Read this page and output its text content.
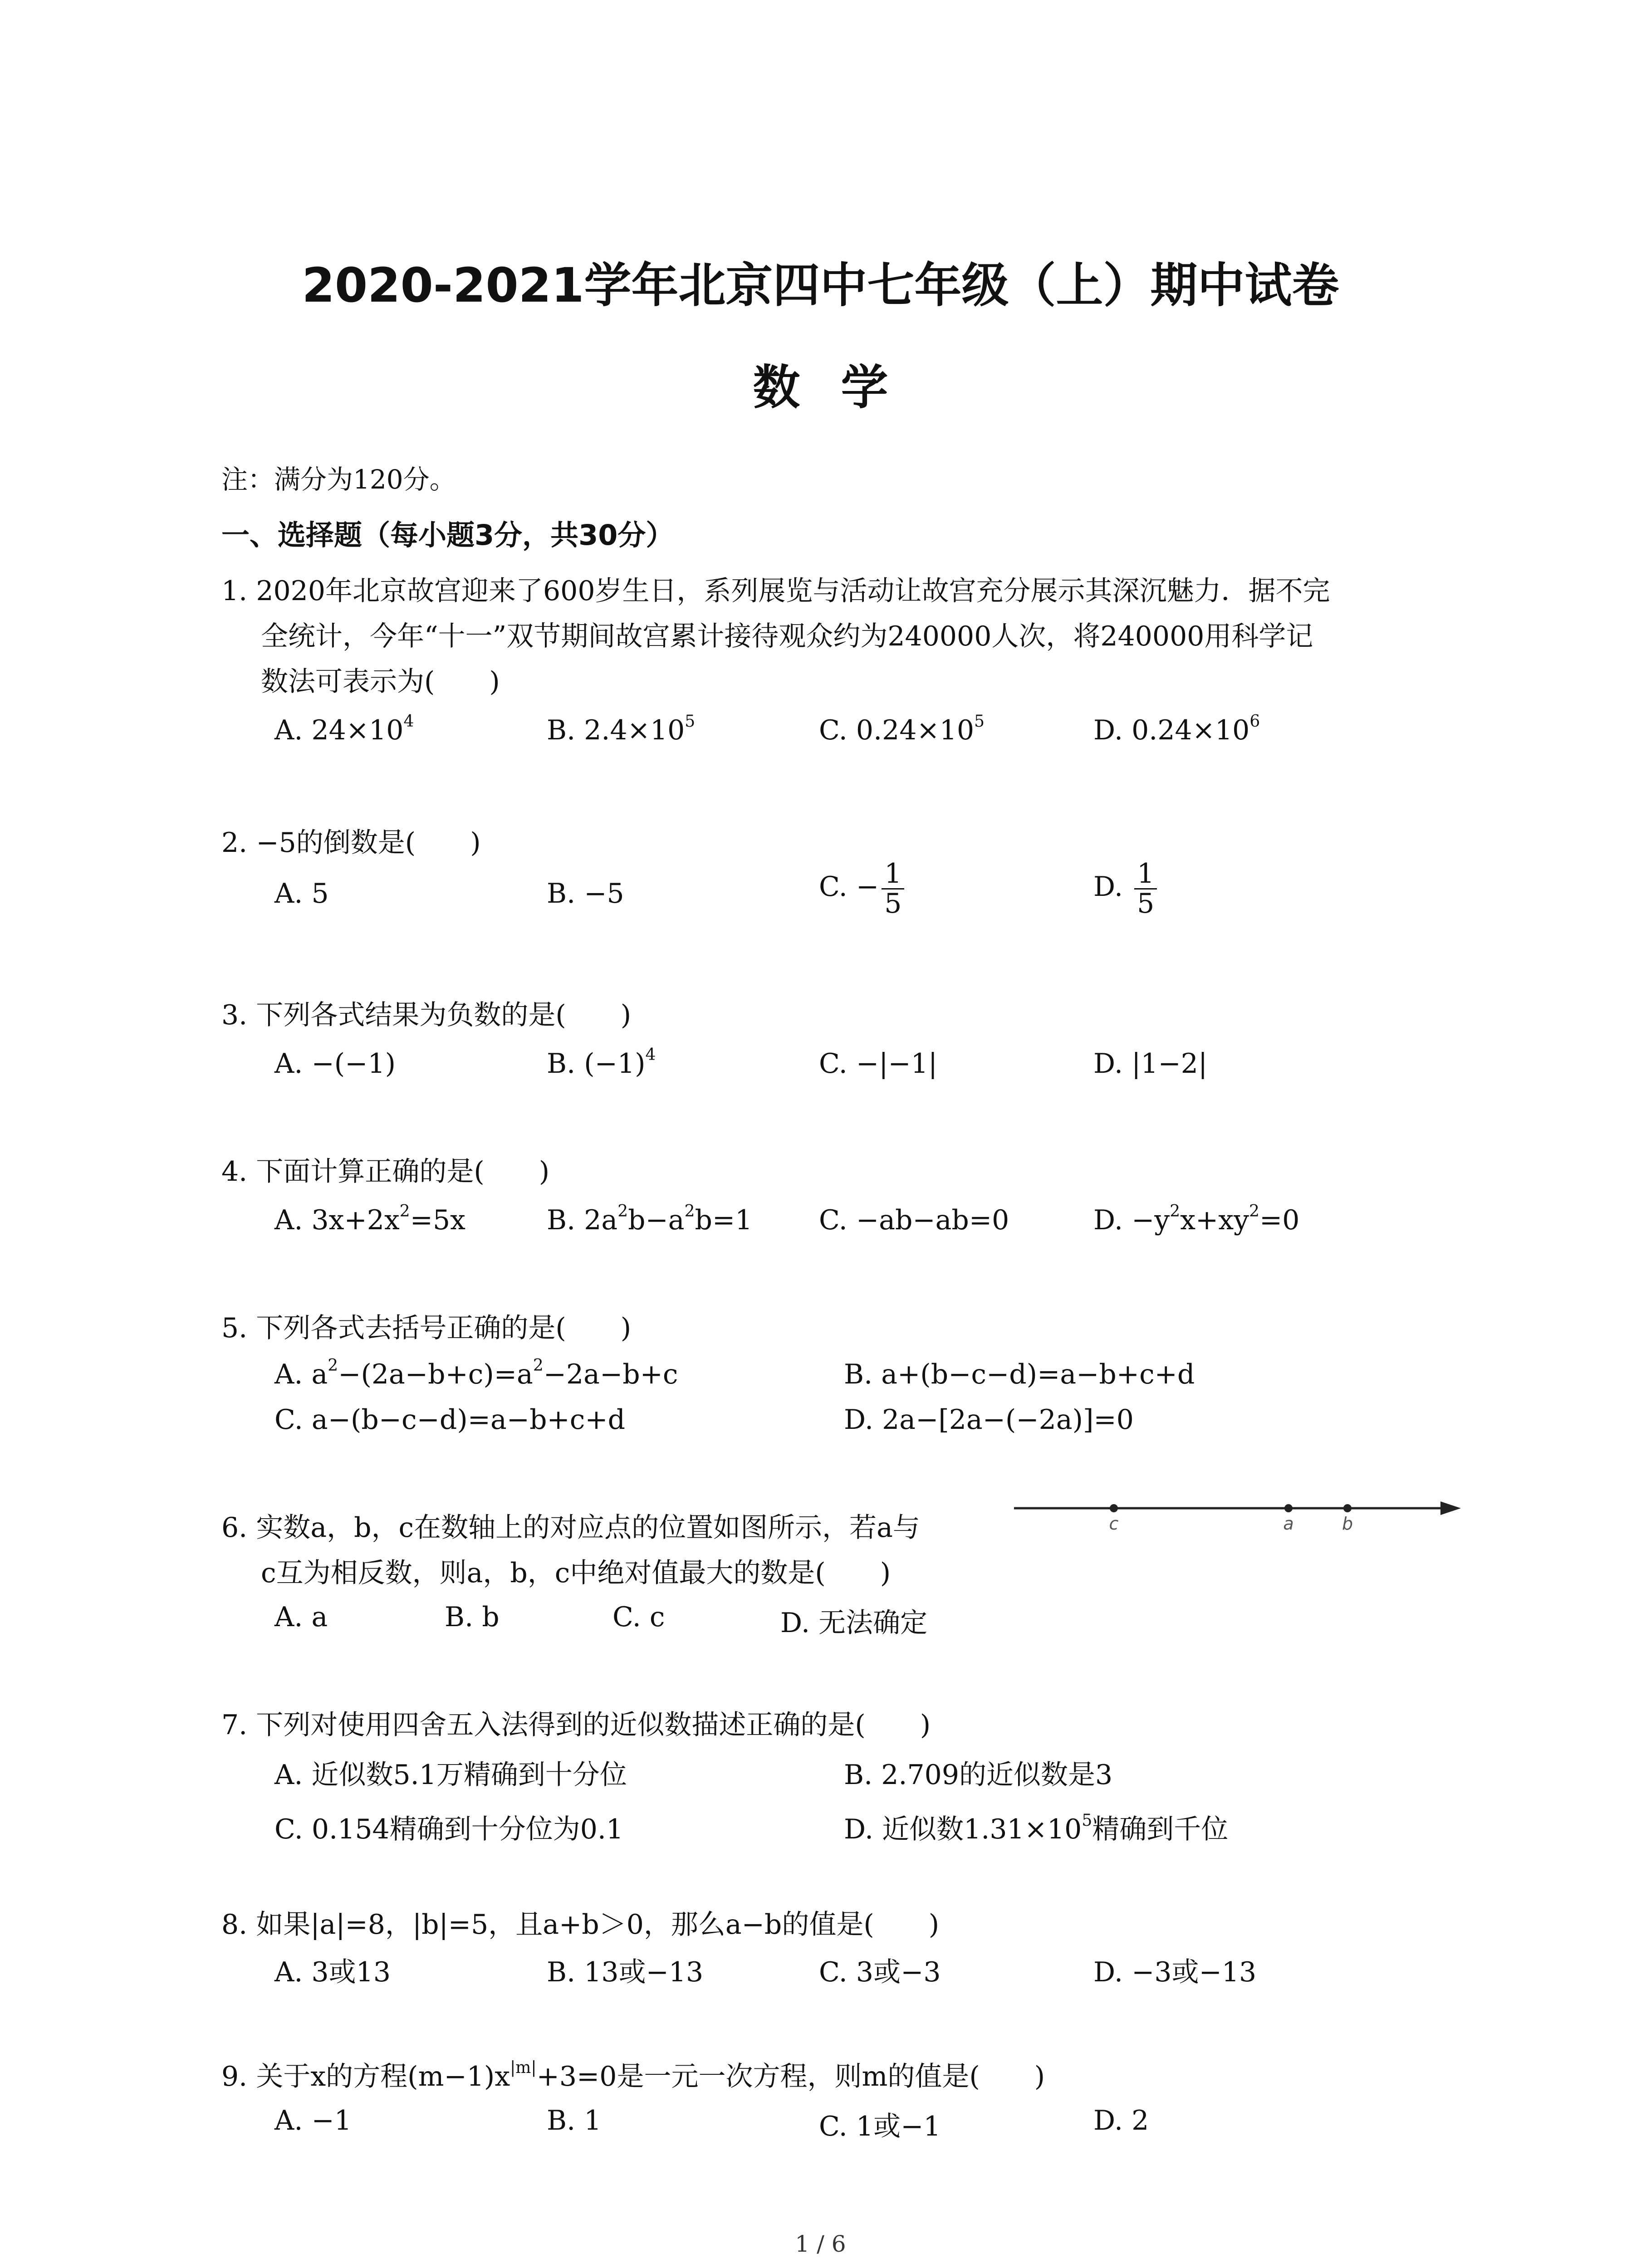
2020-2021学年北京四中七年级（上）期中试卷
数学
注：满分为120分。
一、选择题（每小题3分，共30分）
1. 2020年北京故宫迎来了600岁生日，系列展览与活动让故宫充分展示其深沉魅力．据不完
全统计，今年“十一”双节期间故宫累计接待观众约为240000人次，将240000用科学记
数法可表示为( )
A. $24\times 10^4$	B. $2.4\times 10^5$	C. $0.24\times 10^5$	D. $0.24\times 10^6$
2. −5的倒数是( )
A. 5	B. −5	C. − $\frac{1}{5}$	D. $\frac{1}{5}$
3. 下列各式结果为负数的是( )
A. −(−1)	B. $(-1)^4$	C. −|−1|	D. |1−2|
4. 下面计算正确的是( )
A. $3x+2x^2=5x$	B. $2a^2b-a^2b=1$ C. −ab−ab=0	D. $-y^2x+xy^2=0$
5. 下列各式去括号正确的是( )
A. $a^2-(2a-b+c)=a^2-2a-b+c$	B. a+(b−c−d)=a−b+c+d
C. a−(b−c−d)=a−b+c+d	D. 2a−[2a−(−2a)]=0
6. 实数a，b，c在数轴上的对应点的位置如图所示，若a与
c互为相反数，则a，b，c中绝对值最大的数是( )
A. a	B. b	C. c	D. 无法确定
c	a	b
7. 下列对使用四舍五入法得到的近似数描述正确的是( )
A. 近似数5.1万精确到十分位	B. 2.709的近似数是3
C. 0.154精确到十分位为0.1	D. 近似数$1.31\times 10^5$精确到千位
8. 如果|a|=8，|b|=5，且a+b＞0，那么a−b的值是( )
A. 3或13	B. 13或−13	C. 3或−3	D. −3或−13
9. 关于x的方程$(m-1)x^{|m|}+3=0$是一元一次方程，则m的值是( )
A. −1	B. 1	C. 1或−1	D. 2
1 / 6
